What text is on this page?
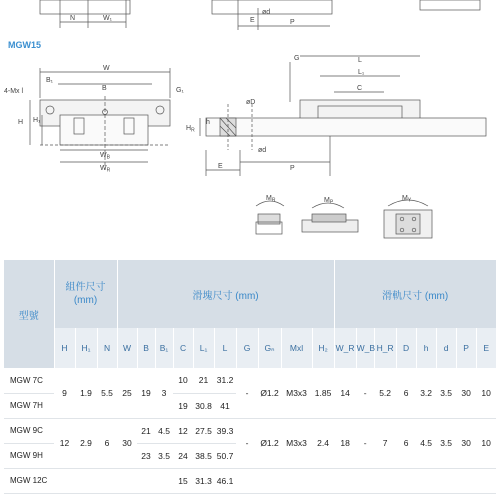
N	W₁
ød
E	P
MGW15
W
B₁
B	G₁
4-Mx l
H H₁
$W_B$
$W_R$
G	L
L₁
C
øD
h
$H_R$
ød
E	P
$M_R$	$M_P$
$M_Y$
型號	組件尺寸
(mm)			滑塊尺寸 (mm)										滑軌尺寸 (mm)							
	H	H₁	N	W	B	B₁	C	L₁	L	G	Gₙ	Mxl	H₂	W_R	W_B	H_R	D	h	d	P	E
MGW 7C	9	1.9	5.5	25	19	3	10	21	31.2	-	Ø1.2	M3x3	1.85	14	-	5.2	6	3.2	3.5	30	10
MGW 7H							19	30.8	41												
MGW 9C	12	2.9	6	30	21	4.5	12	27.5	39.3	-	Ø1.2	M3x3	2.4	18	-	7	6	4.5	3.5	30	10
MGW 9H					23	3.5	24	38.5	50.7												
MGW 12C							15	31.3	46.1												
